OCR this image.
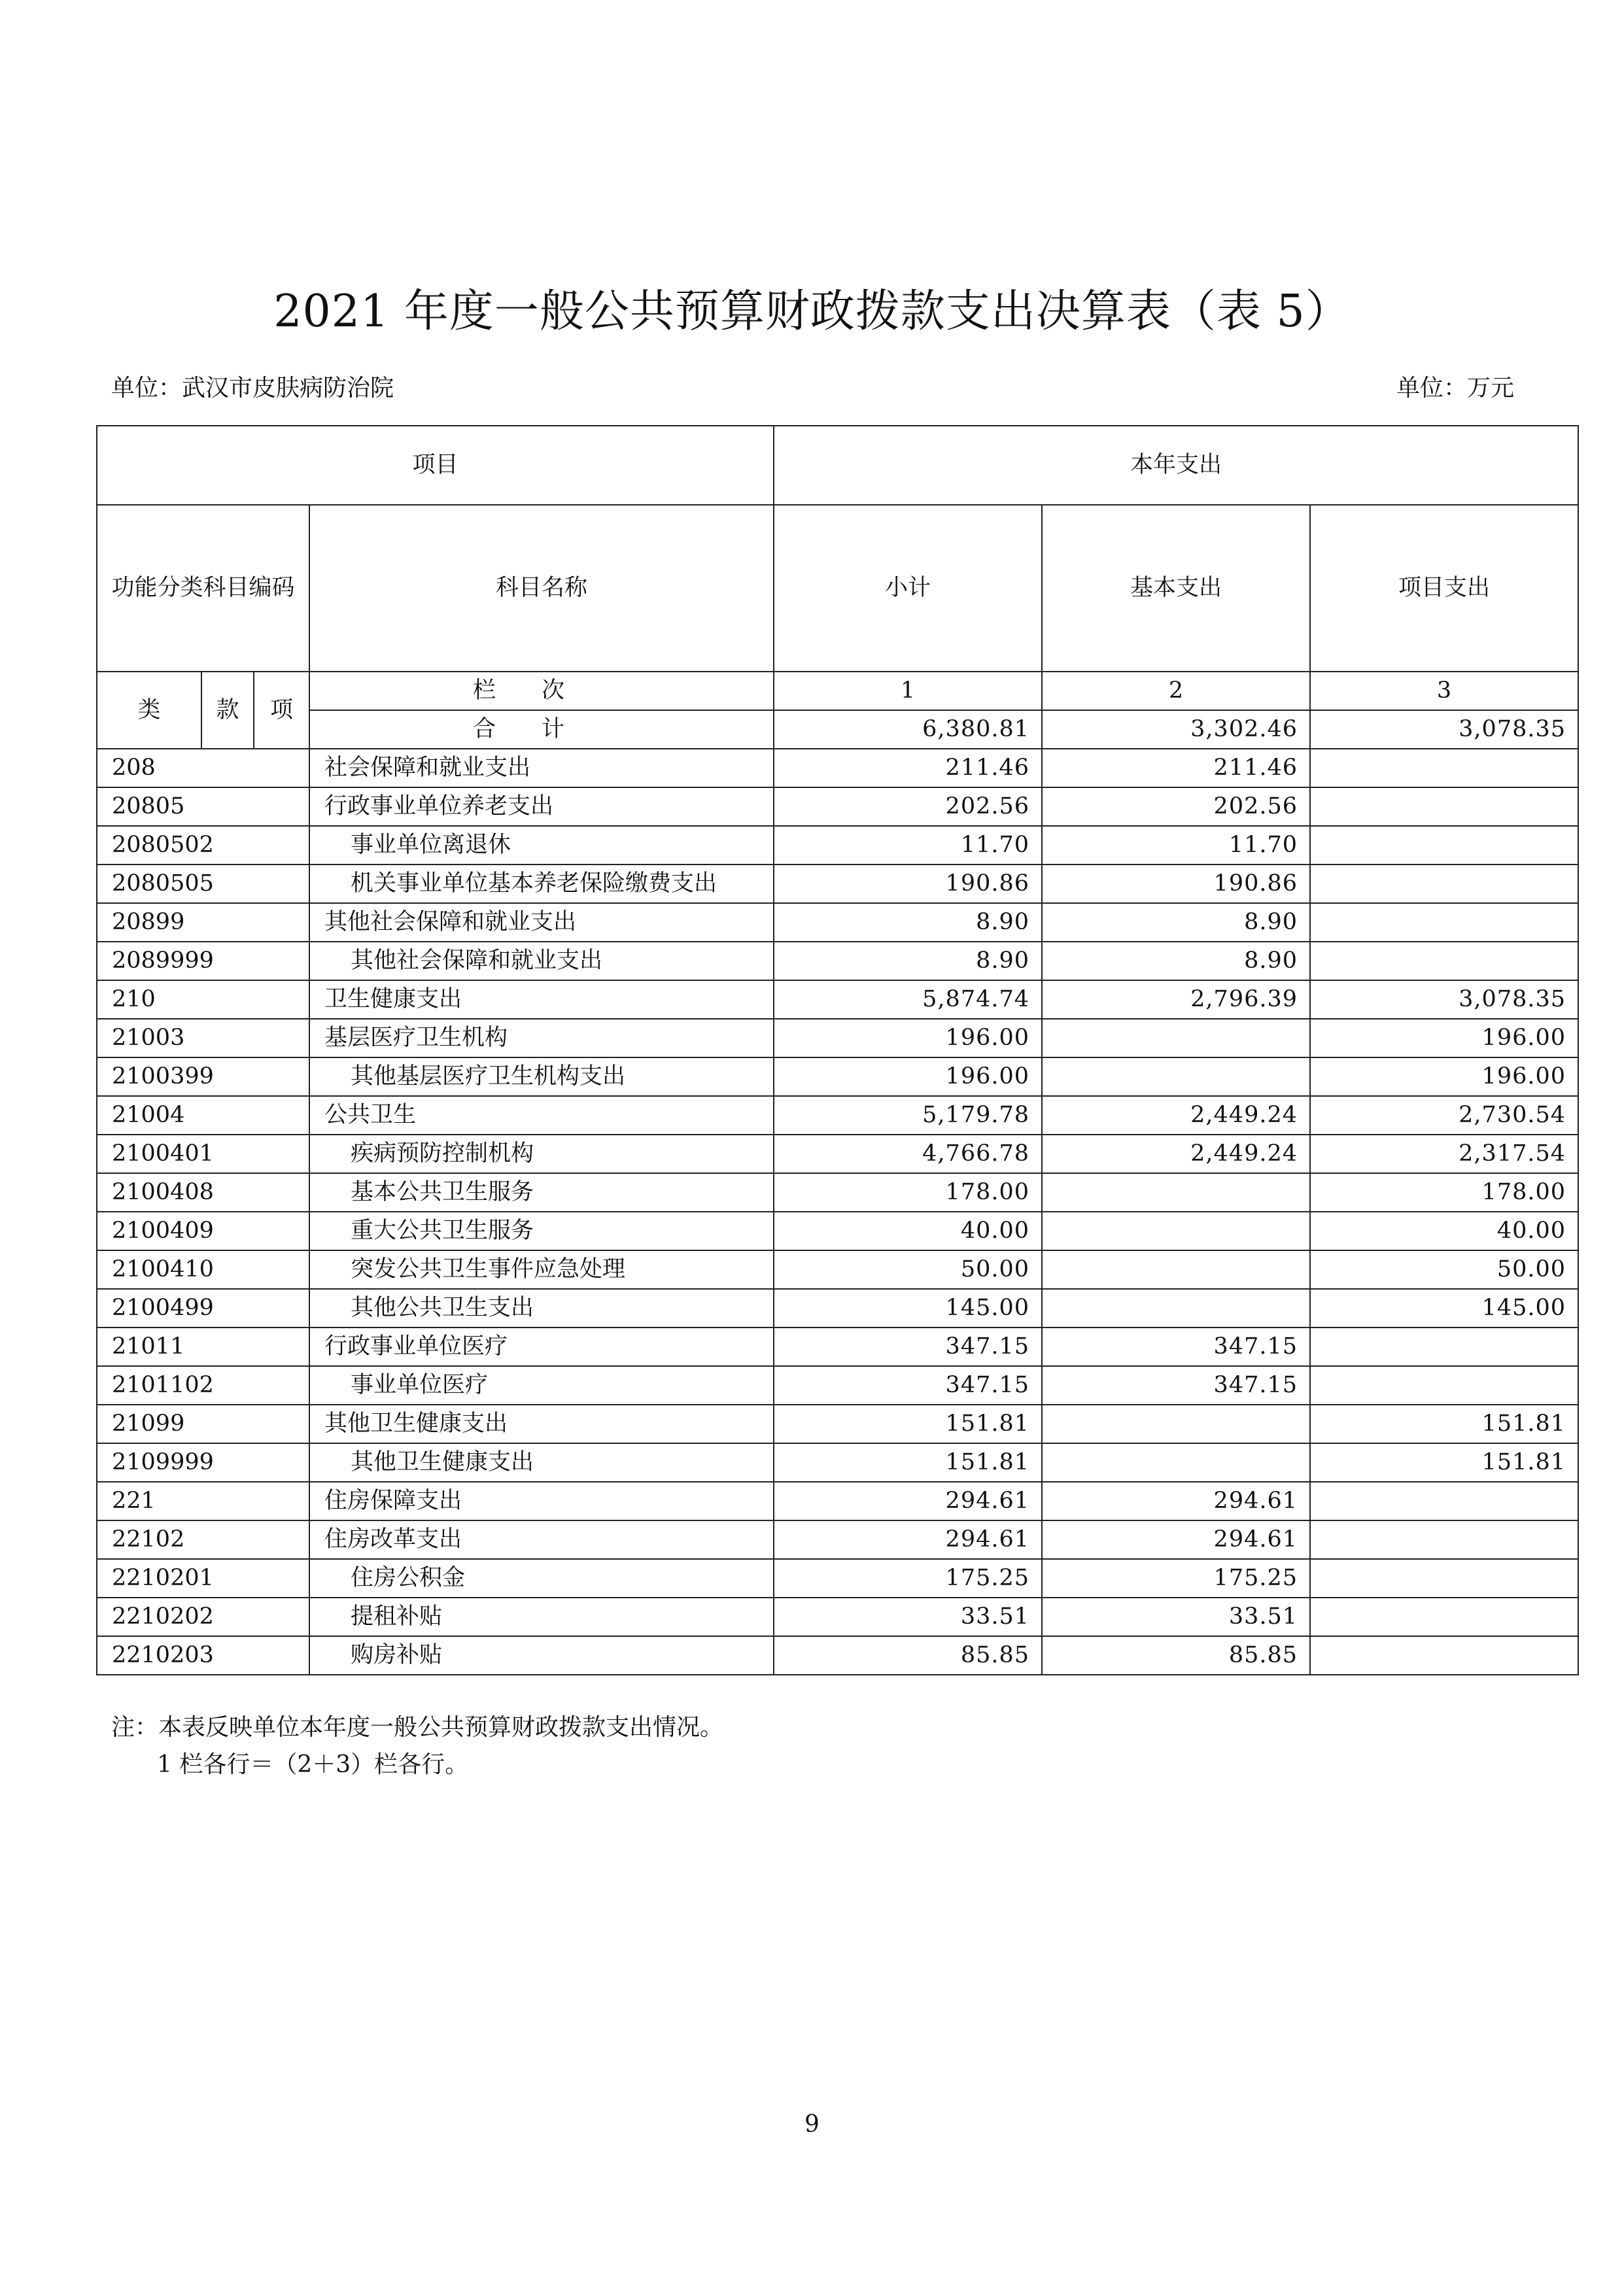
2021 年度一般公共预算财政拨款支出决算表（表 5）
单位：武汉市皮肤病防治院	单位：万元
项目				本年支出		
功能分类科目编码			科目名称	小计	基本支出	项目支出
类	款	项	栏次	1	2	3
			合计	6,380.81	3,302.46	3,078.35
208			社会保障和就业支出	211.46	211.46	
20805			行政事业单位养老支出	202.56	202.56	
2080502			事业单位离退休	11.70	11.70	
2080505			机关事业单位基本养老保险缴费支出	190.86	190.86	
20899			其他社会保障和就业支出	8.90	8.90	
2089999			其他社会保障和就业支出	8.90	8.90	
210			卫生健康支出	5,874.74	2,796.39	3,078.35
21003			基层医疗卫生机构	196.00		196.00
2100399			其他基层医疗卫生机构支出	196.00		196.00
21004			公共卫生	5,179.78	2,449.24	2,730.54
2100401			疾病预防控制机构	4,766.78	2,449.24	2,317.54
2100408			基本公共卫生服务	178.00		178.00
2100409			重大公共卫生服务	40.00		40.00
2100410			突发公共卫生事件应急处理	50.00		50.00
2100499			其他公共卫生支出	145.00		145.00
21011			行政事业单位医疗	347.15	347.15	
2101102			事业单位医疗	347.15	347.15	
21099			其他卫生健康支出	151.81		151.81
2109999			其他卫生健康支出	151.81		151.81
221			住房保障支出	294.61	294.61	
22102			住房改革支出	294.61	294.61	
2210201			住房公积金	175.25	175.25	
2210202			提租补贴	33.51	33.51	
2210203			购房补贴	85.85	85.85	
注：本表反映单位本年度一般公共预算财政拨款支出情况。
1 栏各行＝（2＋3）栏各行。
9
